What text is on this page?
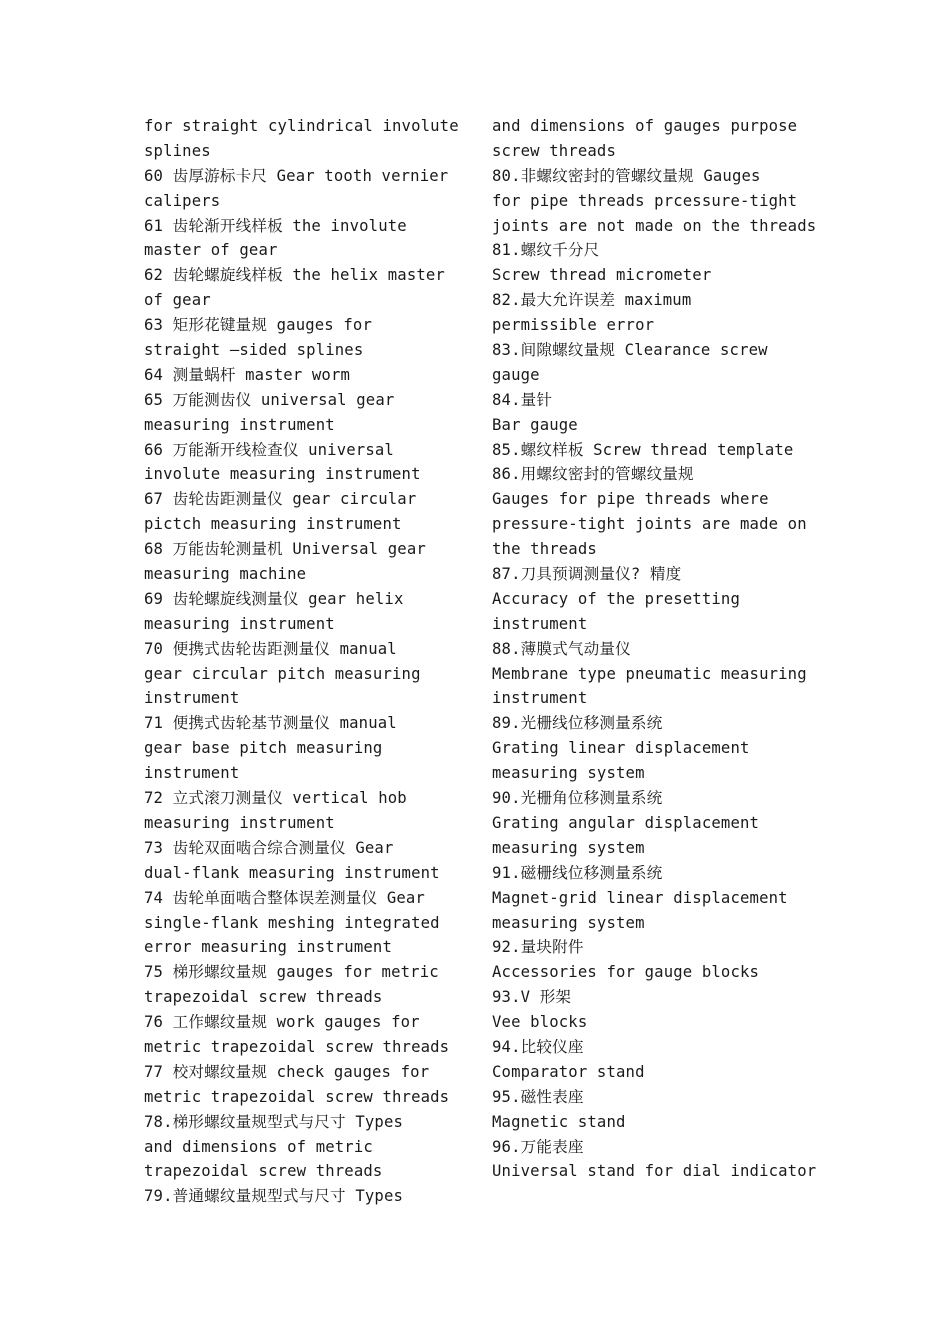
for straight cylindrical involute
splines
60 齿厚游标卡尺 Gear tooth vernier
calipers
61 齿轮渐开线样板 the involute
master of gear
62 齿轮螺旋线样板 the helix master
of gear
63 矩形花键量规 gauges for
straight –sided splines
64 测量蜗杆 master worm
65 万能测齿仪 universal gear
measuring instrument
66 万能渐开线检查仪 universal
involute measuring instrument
67 齿轮齿距测量仪 gear circular
pictch measuring instrument
68 万能齿轮测量机 Universal gear
measuring machine
69 齿轮螺旋线测量仪 gear helix
measuring instrument
70 便携式齿轮齿距测量仪 manual
gear circular pitch measuring
instrument
71 便携式齿轮基节测量仪 manual
gear base pitch measuring
instrument
72 立式滚刀测量仪 vertical hob
measuring instrument
73 齿轮双面啮合综合测量仪 Gear
dual-flank measuring instrument
74 齿轮单面啮合整体误差测量仪 Gear
single-flank meshing integrated
error measuring instrument
75 梯形螺纹量规 gauges for metric
trapezoidal screw threads
76 工作螺纹量规 work gauges for
metric trapezoidal screw threads
77 校对螺纹量规 check gauges for
metric trapezoidal screw threads
78.梯形螺纹量规型式与尺寸 Types
and dimensions of metric
trapezoidal screw threads
79.普通螺纹量规型式与尺寸 Types
and dimensions of gauges purpose
screw threads
80.非螺纹密封的管螺纹量规 Gauges
for pipe threads prcessure-tight
joints are not made on the threads
81.螺纹千分尺
Screw thread micrometer
82.最大允许误差 maximum
permissible error
83.间隙螺纹量规 Clearance screw
gauge
84.量针
Bar gauge
85.螺纹样板 Screw thread template
86.用螺纹密封的管螺纹量规
Gauges for pipe threads where
pressure-tight joints are made on
the threads
87.刀具预调测量仪? 精度
Accuracy of the presetting
instrument
88.薄膜式气动量仪
Membrane type pneumatic measuring
instrument
89.光栅线位移测量系统
Grating linear displacement
measuring system
90.光栅角位移测量系统
Grating angular displacement
measuring system
91.磁栅线位移测量系统
Magnet-grid linear displacement
measuring system
92.量块附件
Accessories for gauge blocks
93.V 形架
Vee blocks
94.比较仪座
Comparator stand
95.磁性表座
Magnetic stand
96.万能表座
Universal stand for dial indicator
